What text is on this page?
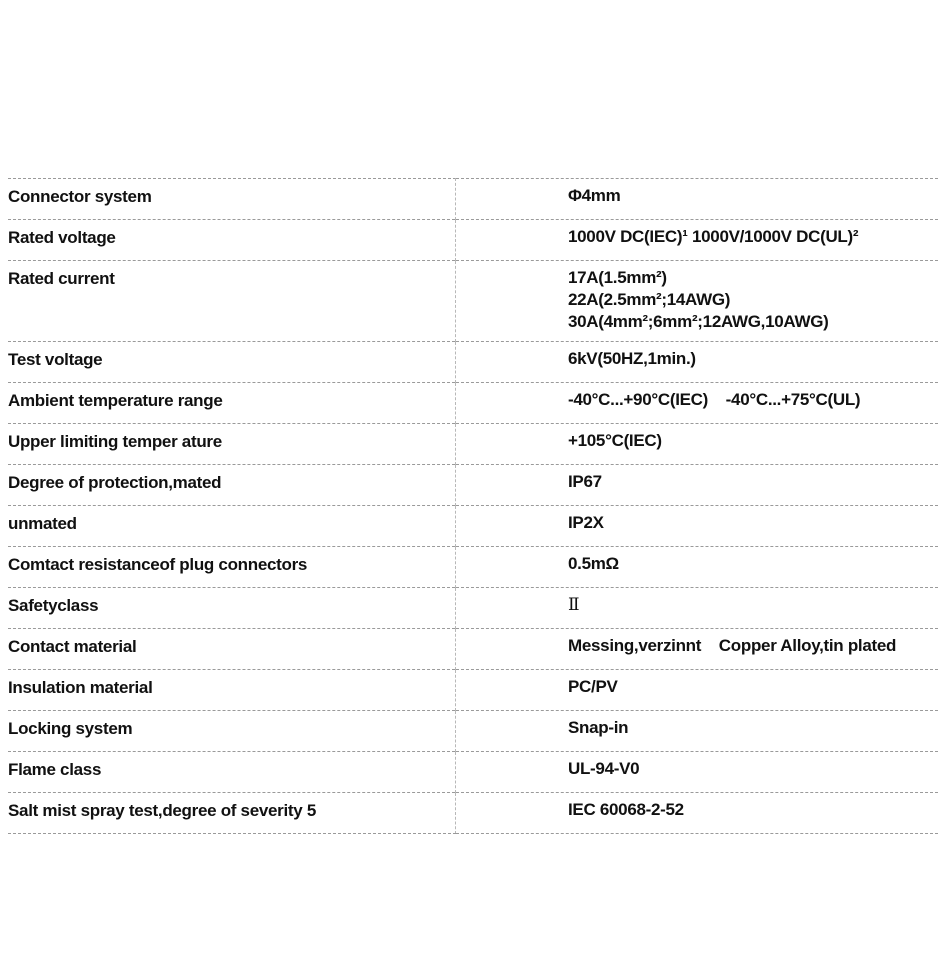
Connector system	Φ4mm

Rated voltage	1000V DC(IEC)¹ 1000V/1000V DC(UL)²

Rated current	17A(1.5mm²)
22A(2.5mm²;14AWG)
30A(4mm²;6mm²;12AWG,10AWG)

Test voltage	6kV(50HZ,1min.)

Ambient temperature range	-40°C...+90°C(IEC)    -40°C...+75°C(UL)

Upper limiting temper ature	+105°C(IEC)

Degree of protection,mated	IP67

unmated	IP2X

Comtact resistanceof plug connectors	0.5mΩ

Safetyclass	Ⅱ

Contact material	Messing,verzinnt    Copper Alloy,tin plated

Insulation material	PC/PV

Locking system	Snap-in

Flame class	UL-94-V0

Salt mist spray test,degree of severity 5	IEC 60068-2-52
